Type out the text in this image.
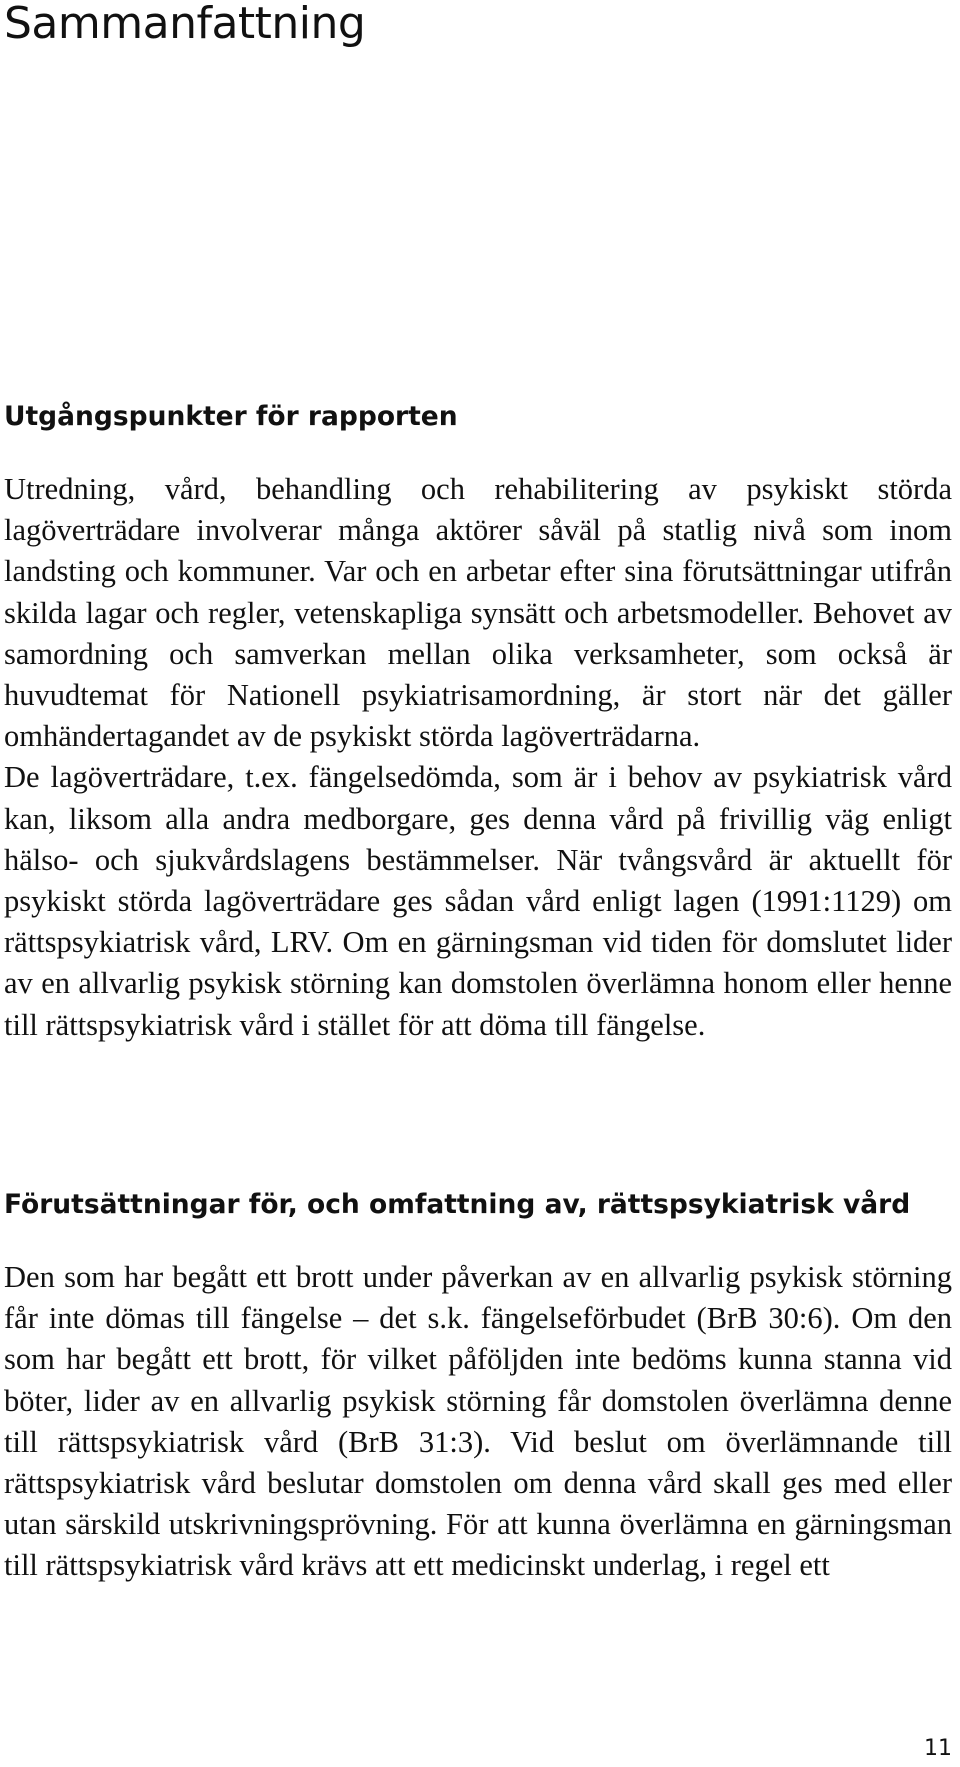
Sammanfattning
Utgångspunkter för rapporten

Utredning, vård, behandling och rehabilitering av psykiskt störda lagöverträdare involverar många aktörer såväl på statlig nivå som inom landsting och kommuner. Var och en arbetar efter sina förutsättningar utifrån skilda lagar och regler, vetenskapliga synsätt och arbetsmodeller. Behovet av samordning och samverkan mellan olika verksamheter, som också är huvudtemat för Nationell psykiatrisamordning, är stort när det gäller omhändertagandet av de psykiskt störda lagöverträdarna.

De lagöverträdare, t.ex. fängelsedömda, som är i behov av psykiatrisk vård kan, liksom alla andra medborgare, ges denna vård på frivillig väg enligt hälso- och sjukvårdslagens bestämmelser. När tvångsvård är aktuellt för psykiskt störda lagöverträdare ges sådan vård enligt lagen (1991:1129) om rättspsykiatrisk vård, LRV. Om en gärningsman vid tiden för domslutet lider av en allvarlig psykisk störning kan domstolen överlämna honom eller henne till rättspsykiatrisk vård i stället för att döma till fängelse.

Förutsättningar för, och omfattning av, rättspsykiatrisk vård

Den som har begått ett brott under påverkan av en allvarlig psykisk störning får inte dömas till fängelse – det s.k. fängelseförbudet (BrB 30:6). Om den som har begått ett brott, för vilket påföljden inte bedöms kunna stanna vid böter, lider av en allvarlig psykisk störning får domstolen överlämna denne till rättspsykiatrisk vård (BrB 31:3). Vid beslut om överlämnande till rättspsykiatrisk vård beslutar domstolen om denna vård skall ges med eller utan särskild utskrivningsprövning. För att kunna överlämna en gärningsman till rättspsykiatrisk vård krävs att ett medicinskt underlag, i regel ett

11
